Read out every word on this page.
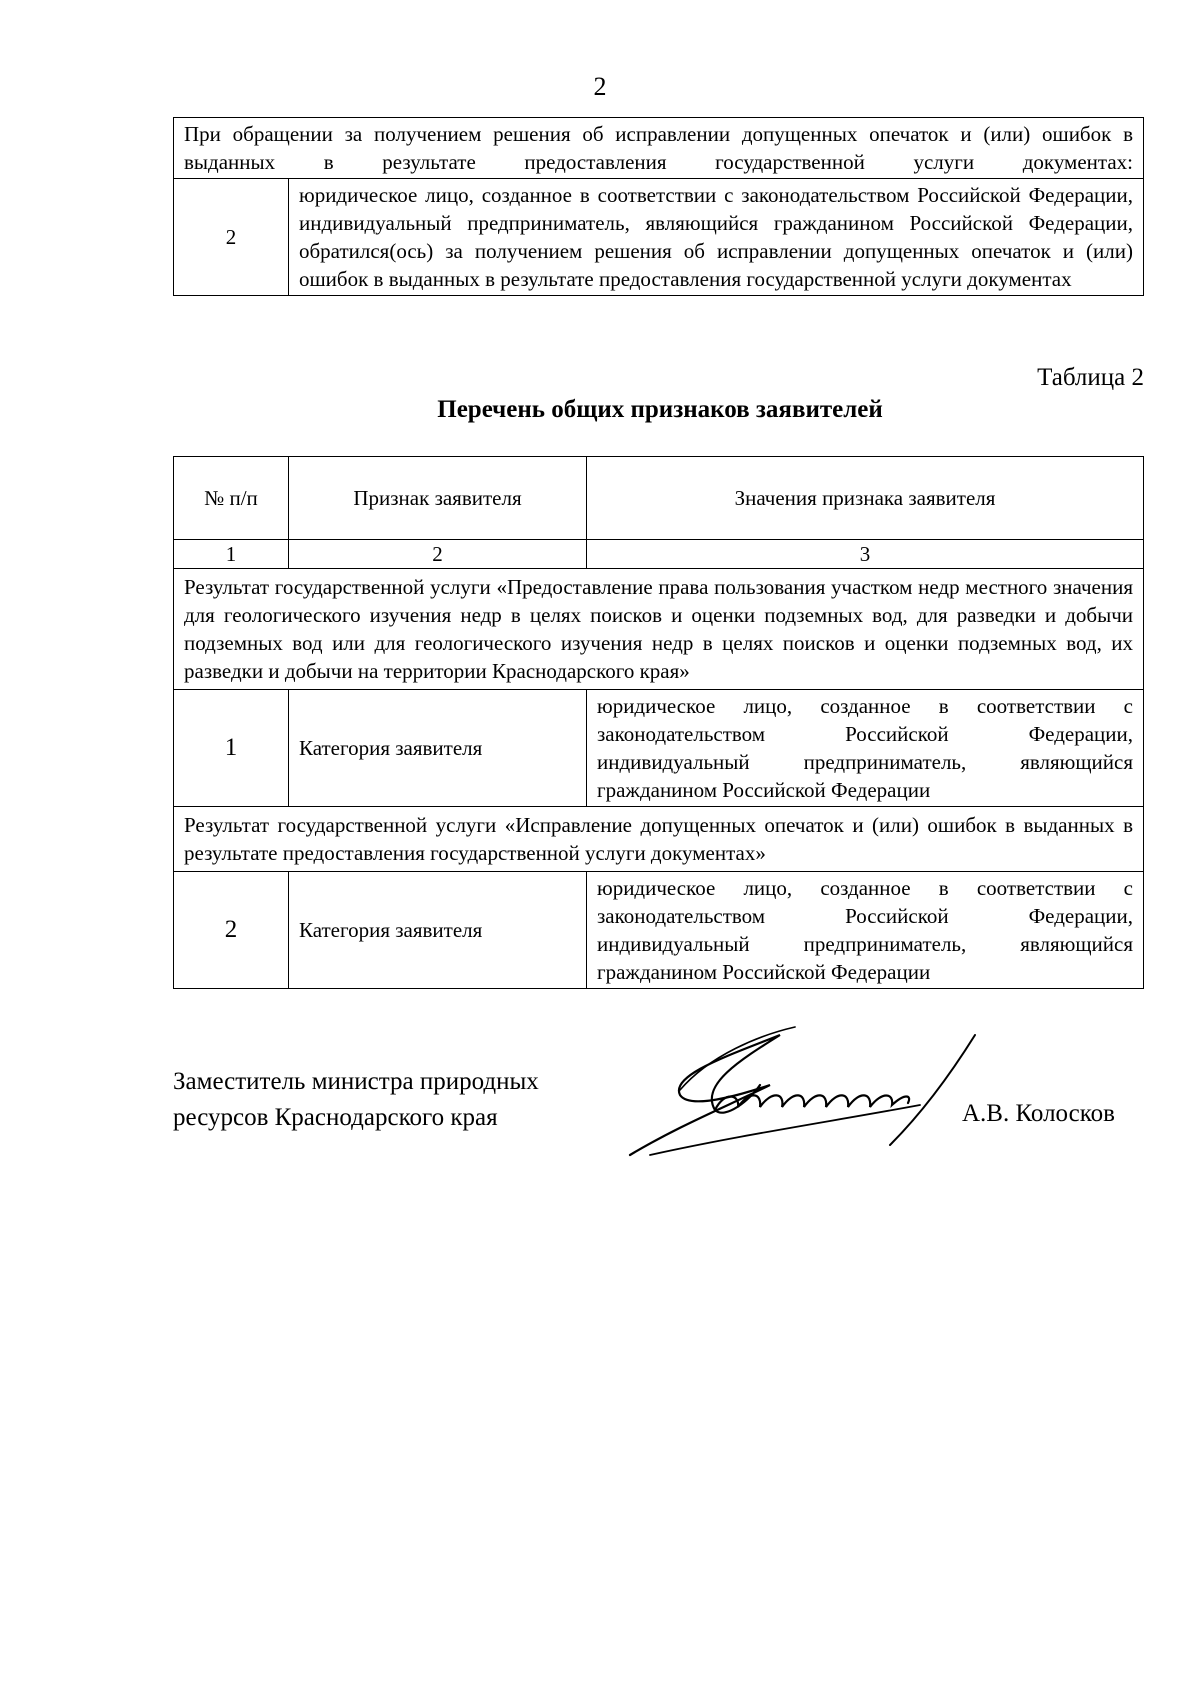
2
При обращении за получением решения об исправлении допущенных опечаток и (или) ошибок в выданных в результате предоставления государственной услуги документах:
2	юридическое лицо, созданное в соответствии с законодательством Российской Федерации, индивидуальный предприниматель, являющийся гражданином Российской Федерации, обратился(ось) за получением решения об исправлении допущенных опечаток и (или) ошибок в выданных в результате предоставления государственной услуги документах
Таблица 2
Перечень общих признаков заявителей
№ п/п	Признак заявителя	Значения признака заявителя
1	2	3
Результат государственной услуги «Предоставление права пользования участком недр местного значения для геологического изучения недр в целях поисков и оценки подземных вод, для разведки и добычи подземных вод или для геологического изучения недр в целях поисков и оценки подземных вод, их разведки и добычи на территории Краснодарского края»		
1	Категория заявителя	юридическое лицо, созданное в соответствии с законодательством Российской Федерации, индивидуальный предприниматель, являющийся гражданином Российской Федерации
Результат государственной услуги «Исправление допущенных опечаток и (или) ошибок в выданных в результате предоставления государственной услуги документах»		
2	Категория заявителя	юридическое лицо, созданное в соответствии с законодательством Российской Федерации, индивидуальный предприниматель, являющийся гражданином Российской Федерации
Заместитель министра природных
ресурсов Краснодарского края	А.В. Колосков
